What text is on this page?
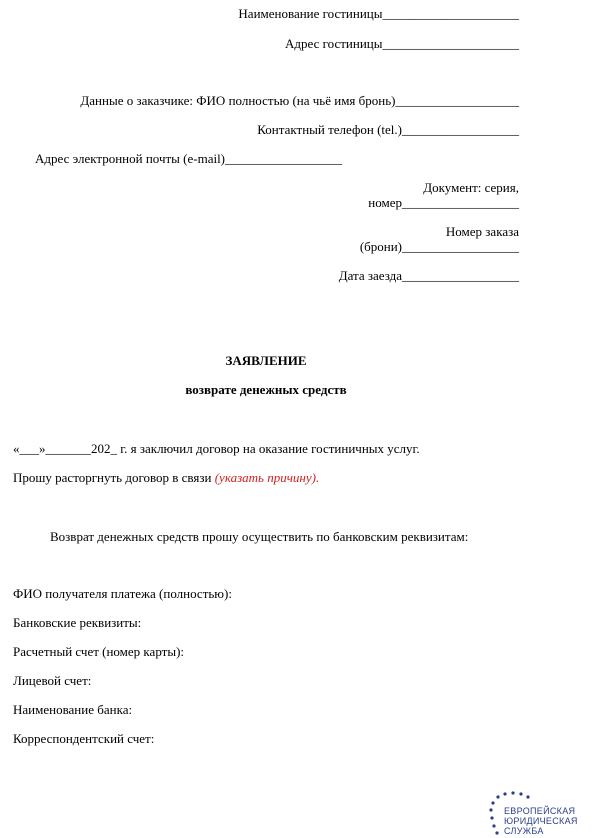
Наименование гостиницы_____________________
Адрес гостиницы_____________________
Данные о заказчике: ФИО полностью (на чьё имя бронь)___________________
Контактный телефон (tel.)__________________
Адрес электронной почты (e-mail)__________________
Документ: серия,
номер__________________
Номер заказа
(брони)__________________
Дата заезда__________________
ЗАЯВЛЕНИЕ
возврате денежных средств
«___»_______202_ г. я заключил договор на оказание гостиничных услуг.
Прошу расторгнуть договор в связи (указать причину).
Возврат денежных средств прошу осуществить по банковским реквизитам:
ФИО получателя платежа (полностью):
Банковские реквизиты:
Расчетный счет (номер карты):
Лицевой счет:
Наименование банка:
Корреспондентский счет:
ЕВРОПЕЙСКАЯ
ЮРИДИЧЕСКАЯ
СЛУЖБА
